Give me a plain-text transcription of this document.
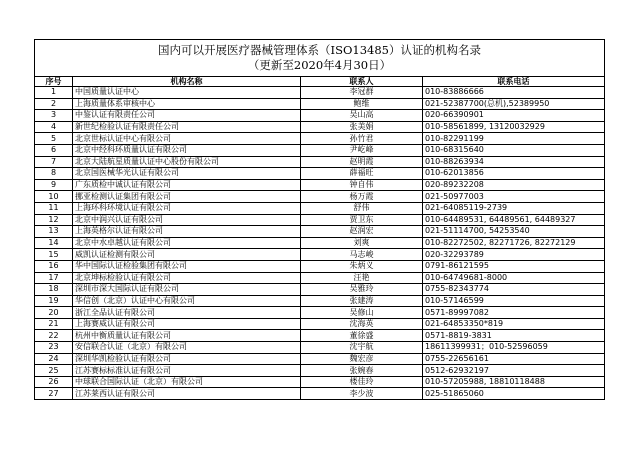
国内可以开展医疗器械管理体系（ISO13485）认证的机构名录
（更新至2020年4月30日）			

序号	机构名称	联系人	联系电话
1	中国质量认证中心	李冠群	010-83886666
2	上海质量体系审核中心	鲍维	021-52387700(总机),52389950
3	中鉴认证有限责任公司	吴山高	020-66390901
4	新世纪检验认证有限责任公司	张美娟	010-58561899, 13120032929
5	北京世标认证中心有限公司	孙竹君	010-82291199
6	北京中经科环质量认证有限公司	尹屹峰	010-68315640
7	北京大陆航星质量认证中心股份有限公司	赵明霞	010-88263934
8	北京国医械华光认证有限公司	薛福旺	010-62013856
9	广东质检中诚认证有限公司	钟自伟	020-89232208
10	挪亚检测认证集团有限公司	杨万霞	021-50977003
11	上海环科环境认证有限公司	舒伟	021-64085119-2739
12	北京中润兴认证有限公司	贾卫东	010-64489531, 64489561, 64489327
13	上海英格尔认证有限公司	赵润宏	021-51114700, 54253540
14	北京中水卓越认证有限公司	刘爽	010-82272502, 82271726, 82272129
15	威凯认证检测有限公司	马志峻	020-32293789
16	华中国际认证检验集团有限公司	朱炳义	0791-86121595
17	北京坤标检验认证有限公司	汪艳	010-64749681-8000
18	深圳市深大国际认证有限公司	吴雅玲	0755-82343774
19	华信创（北京）认证中心有限公司	张建涛	010-57146599
20	浙江全品认证有限公司	吴修山	0571-89997082
21	上海赛威认证有限公司	沈海英	021-64853350*819
22	杭州中衡质量认证有限公司	董徐盛	0571-8819-3831
23	安信联合认证（北京）有限公司	沈宇航	18611399931；010-52596059
24	深圳华凯检验认证有限公司	魏宏彦	0755-22656161
25	江苏赛标标准认证有限公司	张婉春	0512-62932197
26	中球联合国际认证（北京）有限公司	楼佳玲	010-57205988, 18810118488
27	江苏莱西认证有限公司	李少波	025-51865060
